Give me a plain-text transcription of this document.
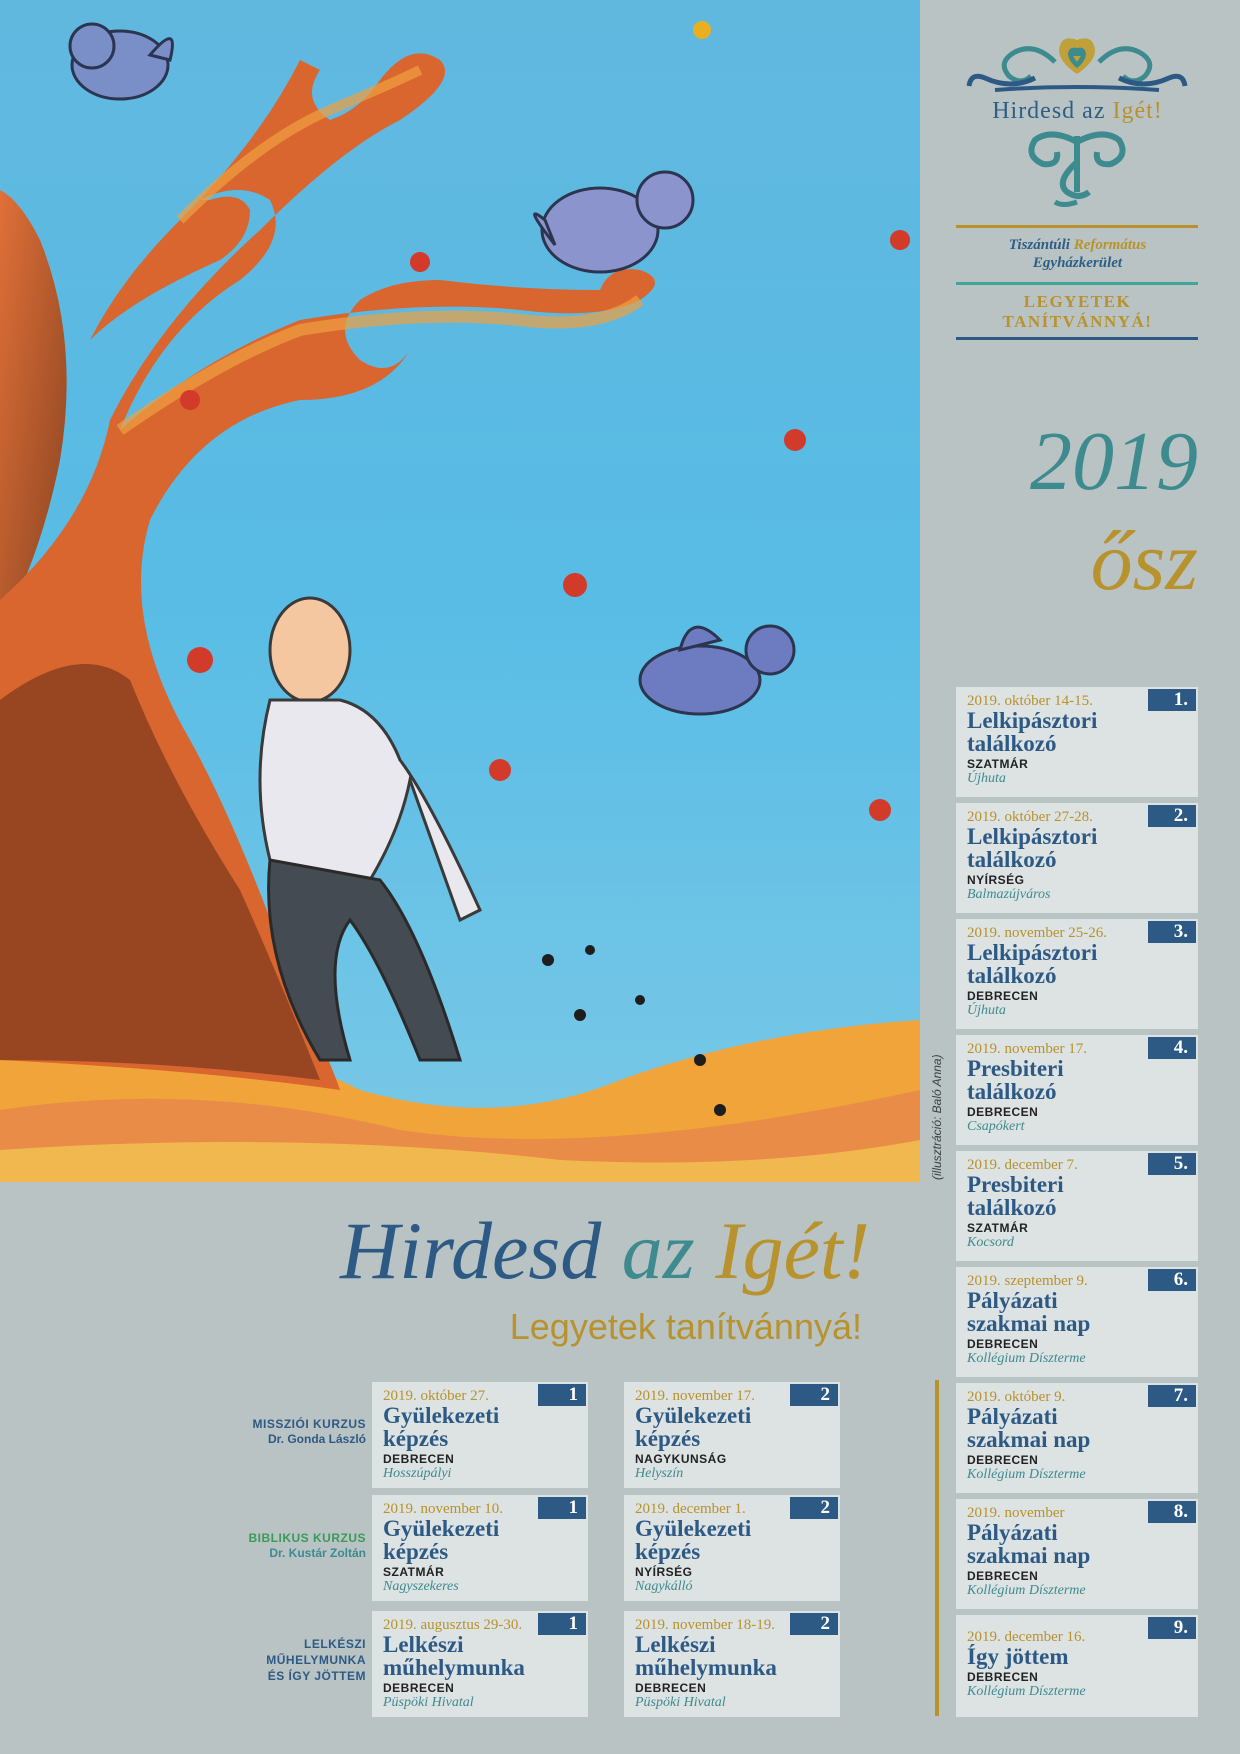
(illusztráció: Baló Anna)
Hirdesd az Igét!
Tiszántúli Református
Egyházkerület
LEGYETEK
TANÍTVÁNNYÁ!
2019
ősz
1.
2019. október 14-15.
Lelkipásztori
találkozó
SZATMÁR
Újhuta
2.
2019. október 27-28.
Lelkipásztori
találkozó
NYÍRSÉG
Balmazújváros
3.
2019. november 25-26.
Lelkipásztori
találkozó
DEBRECEN
Újhuta
4.
2019. november 17.
Presbiteri
találkozó
DEBRECEN
Csapókert
5.
2019. december 7.
Presbiteri
találkozó
SZATMÁR
Kocsord
6.
2019. szeptember 9.
Pályázati
szakmai nap
DEBRECEN
Kollégium Díszterme
7.
2019. október 9.
Pályázati
szakmai nap
DEBRECEN
Kollégium Díszterme
8.
2019. november
Pályázati
szakmai nap
DEBRECEN
Kollégium Díszterme
9.
2019. december 16.
Így jöttem
DEBRECEN
Kollégium Díszterme
Hirdesd az Igét!
Legyetek tanítvánnyá!
MISSZIÓI KURZUS
Dr. Gonda László
BIBLIKUS KURZUS
Dr. Kustár Zoltán
LELKÉSZI
MŰHELYMUNKA
ÉS ÍGY JÖTTEM
1
2019. október 27.
Gyülekezeti
képzés
DEBRECEN
Hosszúpályi
2
2019. november 17.
Gyülekezeti
képzés
NAGYKUNSÁG
Helyszín
1
2019. november 10.
Gyülekezeti
képzés
SZATMÁR
Nagyszekeres
2
2019. december 1.
Gyülekezeti
képzés
NYÍRSÉG
Nagykálló
1
2019. augusztus 29-30.
Lelkészi
műhelymunka
DEBRECEN
Püspöki Hivatal
2
2019. november 18-19.
Lelkészi
műhelymunka
DEBRECEN
Püspöki Hivatal
